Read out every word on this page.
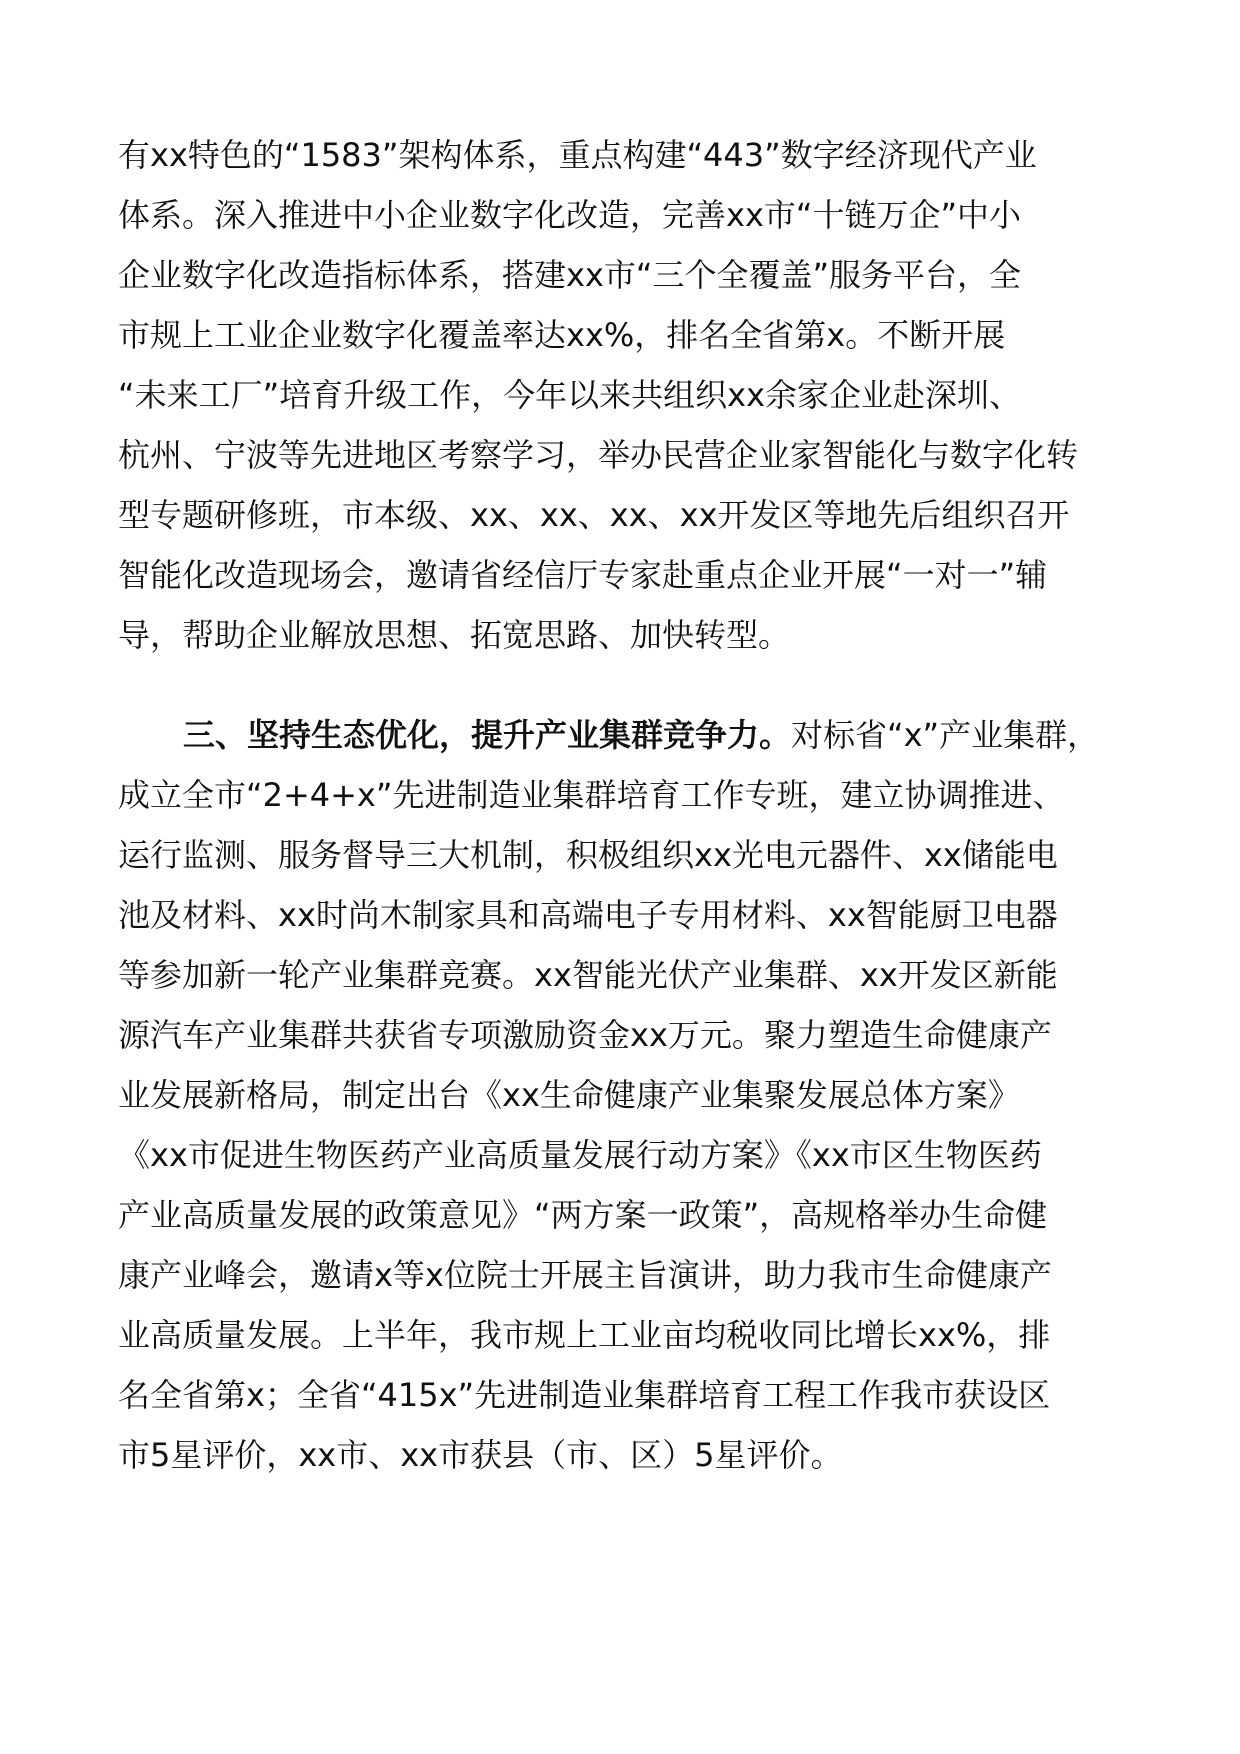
有xx特色的“1583”架构体系，重点构建“443”数字经济现代产业
体系。深入推进中小企业数字化改造，完善xx市“十链万企”中小
企业数字化改造指标体系，搭建xx市“三个全覆盖”服务平台，全
市规上工业企业数字化覆盖率达xx%，排名全省第x。不断开展
“未来工厂”培育升级工作，今年以来共组织xx余家企业赴深圳、
杭州、宁波等先进地区考察学习，举办民营企业家智能化与数字化转
型专题研修班，市本级、xx、xx、xx、xx开发区等地先后组织召开
智能化改造现场会，邀请省经信厅专家赴重点企业开展“一对一”辅
导，帮助企业解放思想、拓宽思路、加快转型。
三、坚持生态优化，提升产业集群竞争力。对标省“x”产业集群，
成立全市“2+4+x”先进制造业集群培育工作专班，建立协调推进、
运行监测、服务督导三大机制，积极组织xx光电元器件、xx储能电
池及材料、xx时尚木制家具和高端电子专用材料、xx智能厨卫电器
等参加新一轮产业集群竞赛。xx智能光伏产业集群、xx开发区新能
源汽车产业集群共获省专项激励资金xx万元。聚力塑造生命健康产
业发展新格局，制定出台《xx生命健康产业集聚发展总体方案》
《xx市促进生物医药产业高质量发展行动方案》《xx市区生物医药
产业高质量发展的政策意见》“两方案一政策”，高规格举办生命健
康产业峰会，邀请x等x位院士开展主旨演讲，助力我市生命健康产
业高质量发展。上半年，我市规上工业亩均税收同比增长xx%，排
名全省第x；全省“415x”先进制造业集群培育工程工作我市获设区
市5星评价，xx市、xx市获县（市、区）5星评价。
